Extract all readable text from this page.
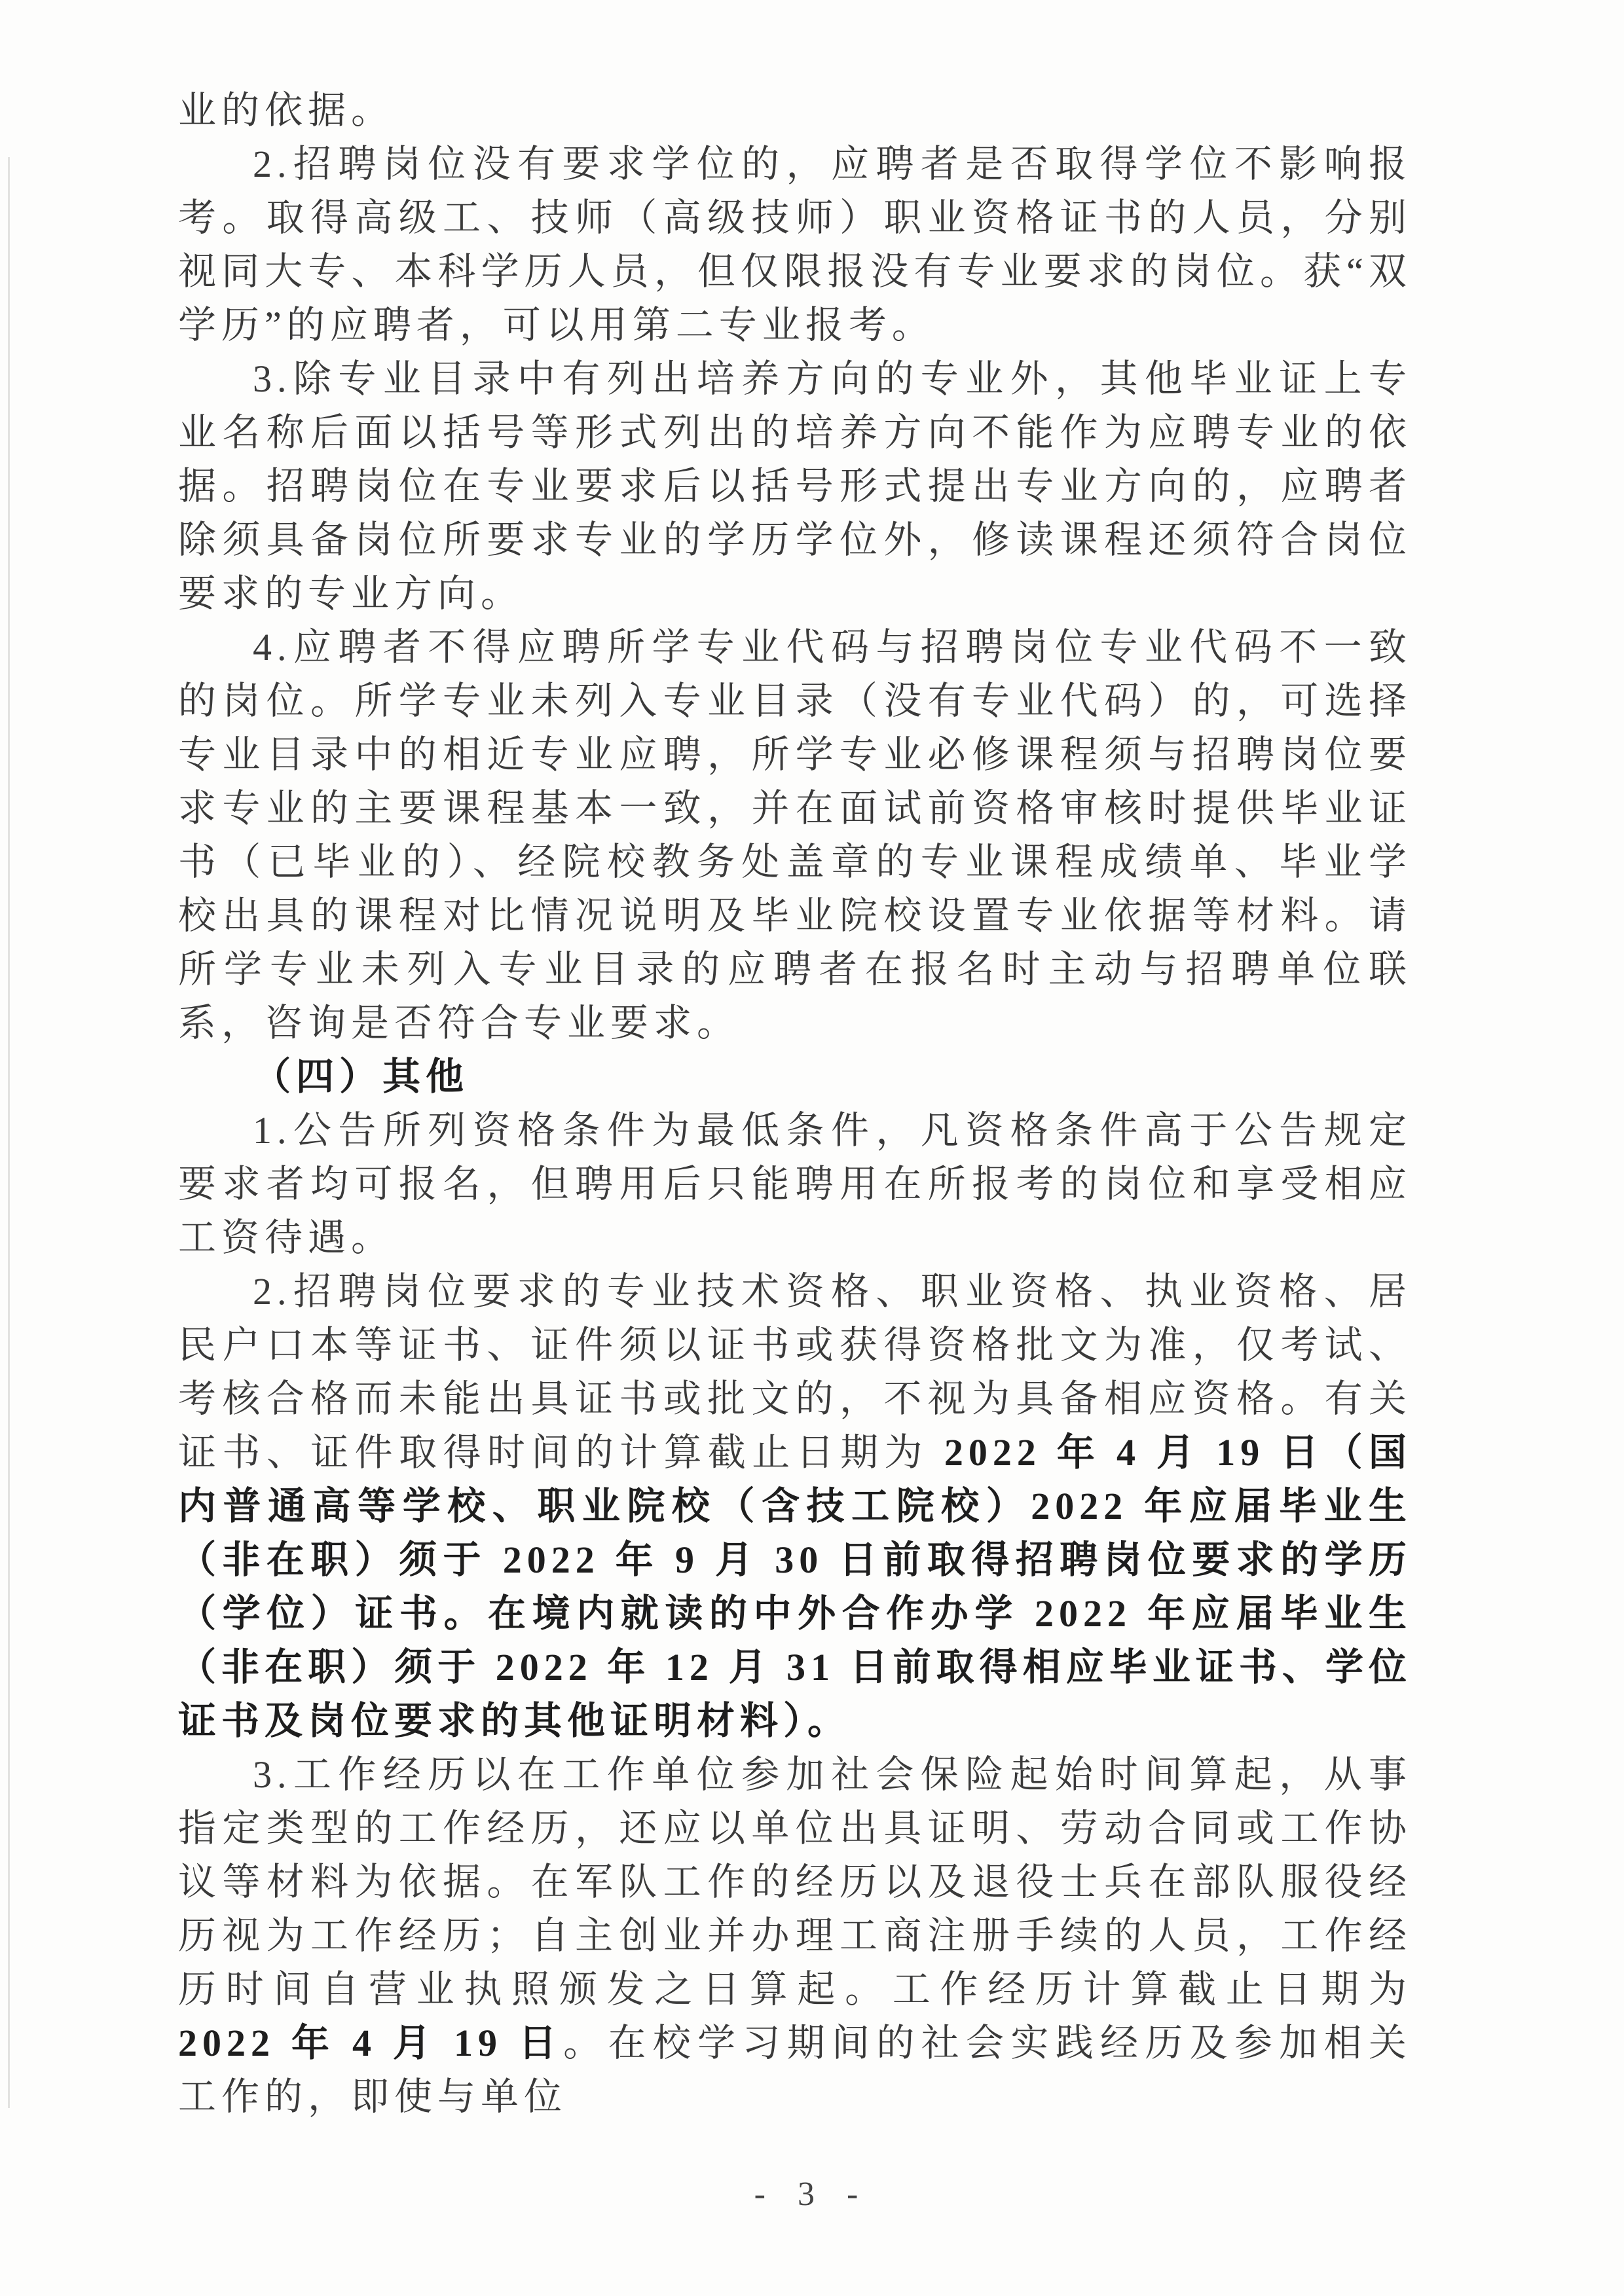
业的依据。

2.招聘岗位没有要求学位的，应聘者是否取得学位不影响报考。取得高级工、技师（高级技师）职业资格证书的人员，分别视同大专、本科学历人员，但仅限报没有专业要求的岗位。获“双学历”的应聘者，可以用第二专业报考。

3.除专业目录中有列出培养方向的专业外，其他毕业证上专业名称后面以括号等形式列出的培养方向不能作为应聘专业的依据。招聘岗位在专业要求后以括号形式提出专业方向的，应聘者除须具备岗位所要求专业的学历学位外，修读课程还须符合岗位要求的专业方向。

4.应聘者不得应聘所学专业代码与招聘岗位专业代码不一致的岗位。所学专业未列入专业目录（没有专业代码）的，可选择专业目录中的相近专业应聘，所学专业必修课程须与招聘岗位要求专业的主要课程基本一致，并在面试前资格审核时提供毕业证书（已毕业的）、经院校教务处盖章的专业课程成绩单、毕业学校出具的课程对比情况说明及毕业院校设置专业依据等材料。请所学专业未列入专业目录的应聘者在报名时主动与招聘单位联系，咨询是否符合专业要求。

（四）其他

1.公告所列资格条件为最低条件，凡资格条件高于公告规定要求者均可报名，但聘用后只能聘用在所报考的岗位和享受相应工资待遇。

2.招聘岗位要求的专业技术资格、职业资格、执业资格、居民户口本等证书、证件须以证书或获得资格批文为准，仅考试、考核合格而未能出具证书或批文的，不视为具备相应资格。有关证书、证件取得时间的计算截止日期为 2022 年 4 月 19 日（国内普通高等学校、职业院校（含技工院校）2022 年应届毕业生（非在职）须于 2022 年 9 月 30 日前取得招聘岗位要求的学历（学位）证书。在境内就读的中外合作办学 2022 年应届毕业生（非在职）须于 2022 年 12 月 31 日前取得相应毕业证书、学位证书及岗位要求的其他证明材料）。

3.工作经历以在工作单位参加社会保险起始时间算起，从事指定类型的工作经历，还应以单位出具证明、劳动合同或工作协议等材料为依据。在军队工作的经历以及退役士兵在部队服役经历视为工作经历；自主创业并办理工商注册手续的人员，工作经历时间自营业执照颁发之日算起。工作经历计算截止日期为 2022 年 4 月 19 日。在校学习期间的社会实践经历及参加相关工作的，即使与单位

- 3 -
